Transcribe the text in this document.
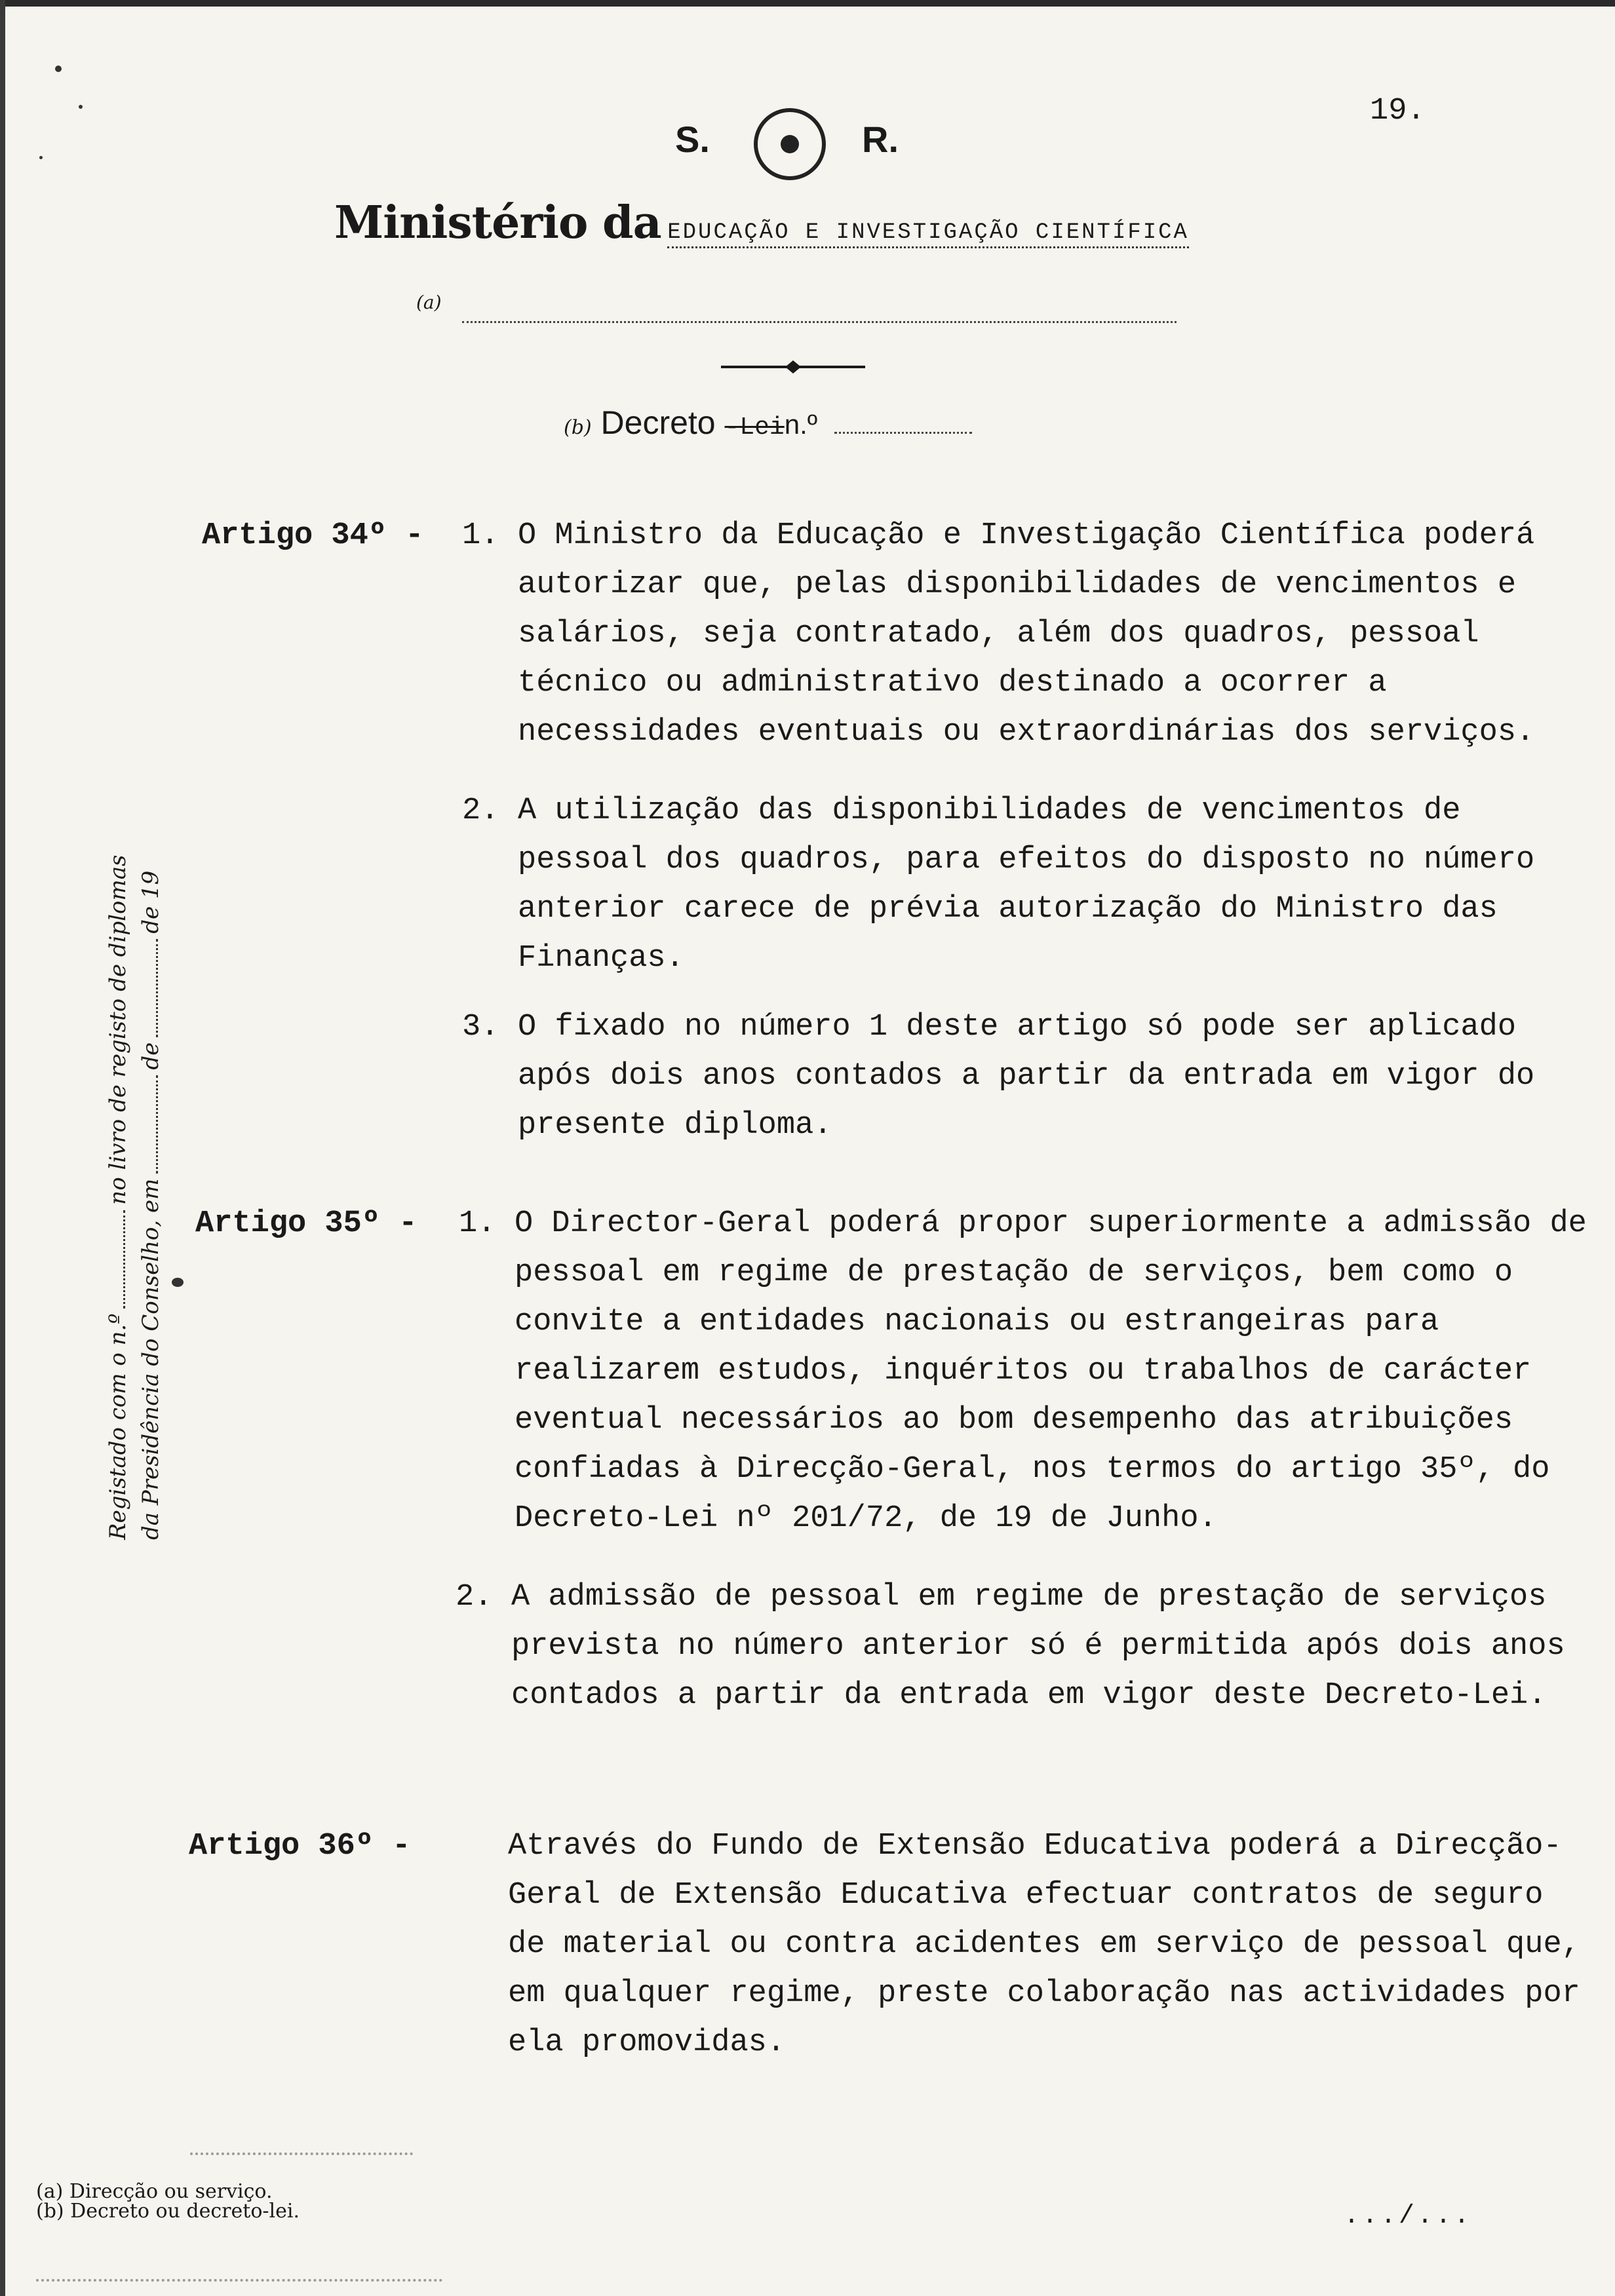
19.
S.	R.
Ministério da EDUCAÇÃO E INVESTIGAÇÃO CIENTÍFICA
(a)
(b) Decreto -Lein.º
Artigo 34º - 1. O Ministro da Educação e Investigação Científica poderá autorizar que, pelas disponibilidades de vencimentos e salários, seja contratado, além dos quadros, pessoal técnico ou administrativo destinado a ocorrer a necessidades eventuais ou extraordinárias dos serviços.
2. A utilização das disponibilidades de vencimentos de pessoal dos quadros, para efeitos do disposto no número anterior carece de prévia autorização do Ministro das Finanças.
3. O fixado no número 1 deste artigo só pode ser aplicado após dois anos contados a partir da entrada em vigor do presente diploma.
Artigo 35º - 1. O Director-Geral poderá propor superiormente a admissão de pessoal em regime de prestação de serviços, bem como o convite a entidades nacionais ou estrangeiras para realizarem estudos, inquéritos ou trabalhos de carácter eventual necessários ao bom desempenho das atribuições confiadas à Direcção-Geral, nos termos do artigo 35º, do Decreto-Lei nº 201/72, de 19 de Junho.
2. A admissão de pessoal em regime de prestação de serviços prevista no número anterior só é permitida após dois anos contados a partir da entrada em vigor deste Decreto-Lei.
Artigo 36º -	Através do Fundo de Extensão Educativa poderá a Direcção-Geral de Extensão Educativa efectuar contratos de seguro de material ou contra acidentes em serviço de pessoal que, em qualquer regime, preste colaboração nas actividades por ela promovidas.
Registado com o n.ºno livro de registo de diplomas
da Presidência do Conselho, emdede 19
(a) Direcção ou serviço.
(b) Decreto ou decreto-lei.	.../...
